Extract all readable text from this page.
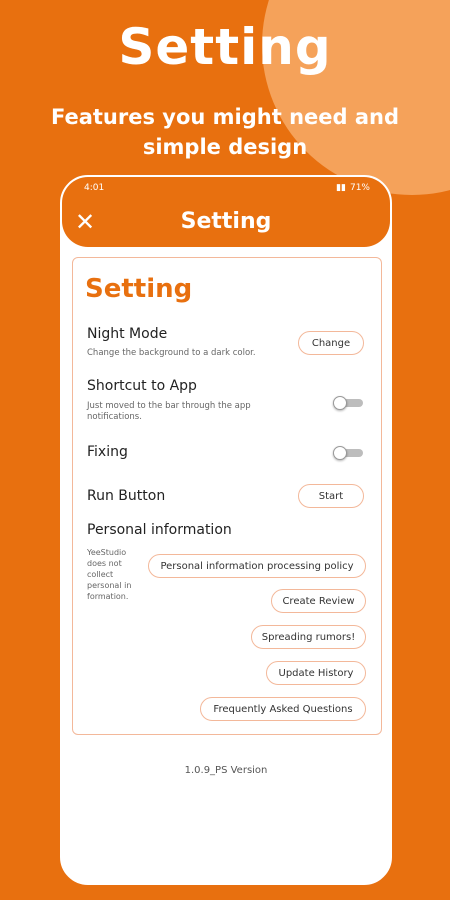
Setting
Features you might need and simple design
4:01	▮▮ 71%
✕	Setting
Setting
Night Mode
Change the background to a dark color.
Change
Shortcut to App
Just moved to the bar through the app notifications.
Fixing
Run Button	Start
Personal information
YeeStudio does not collect personal in formation.
Personal information processing policy
Create Review
Spreading rumors!
Update History
Frequently Asked Questions
1.0.9_PS Version
